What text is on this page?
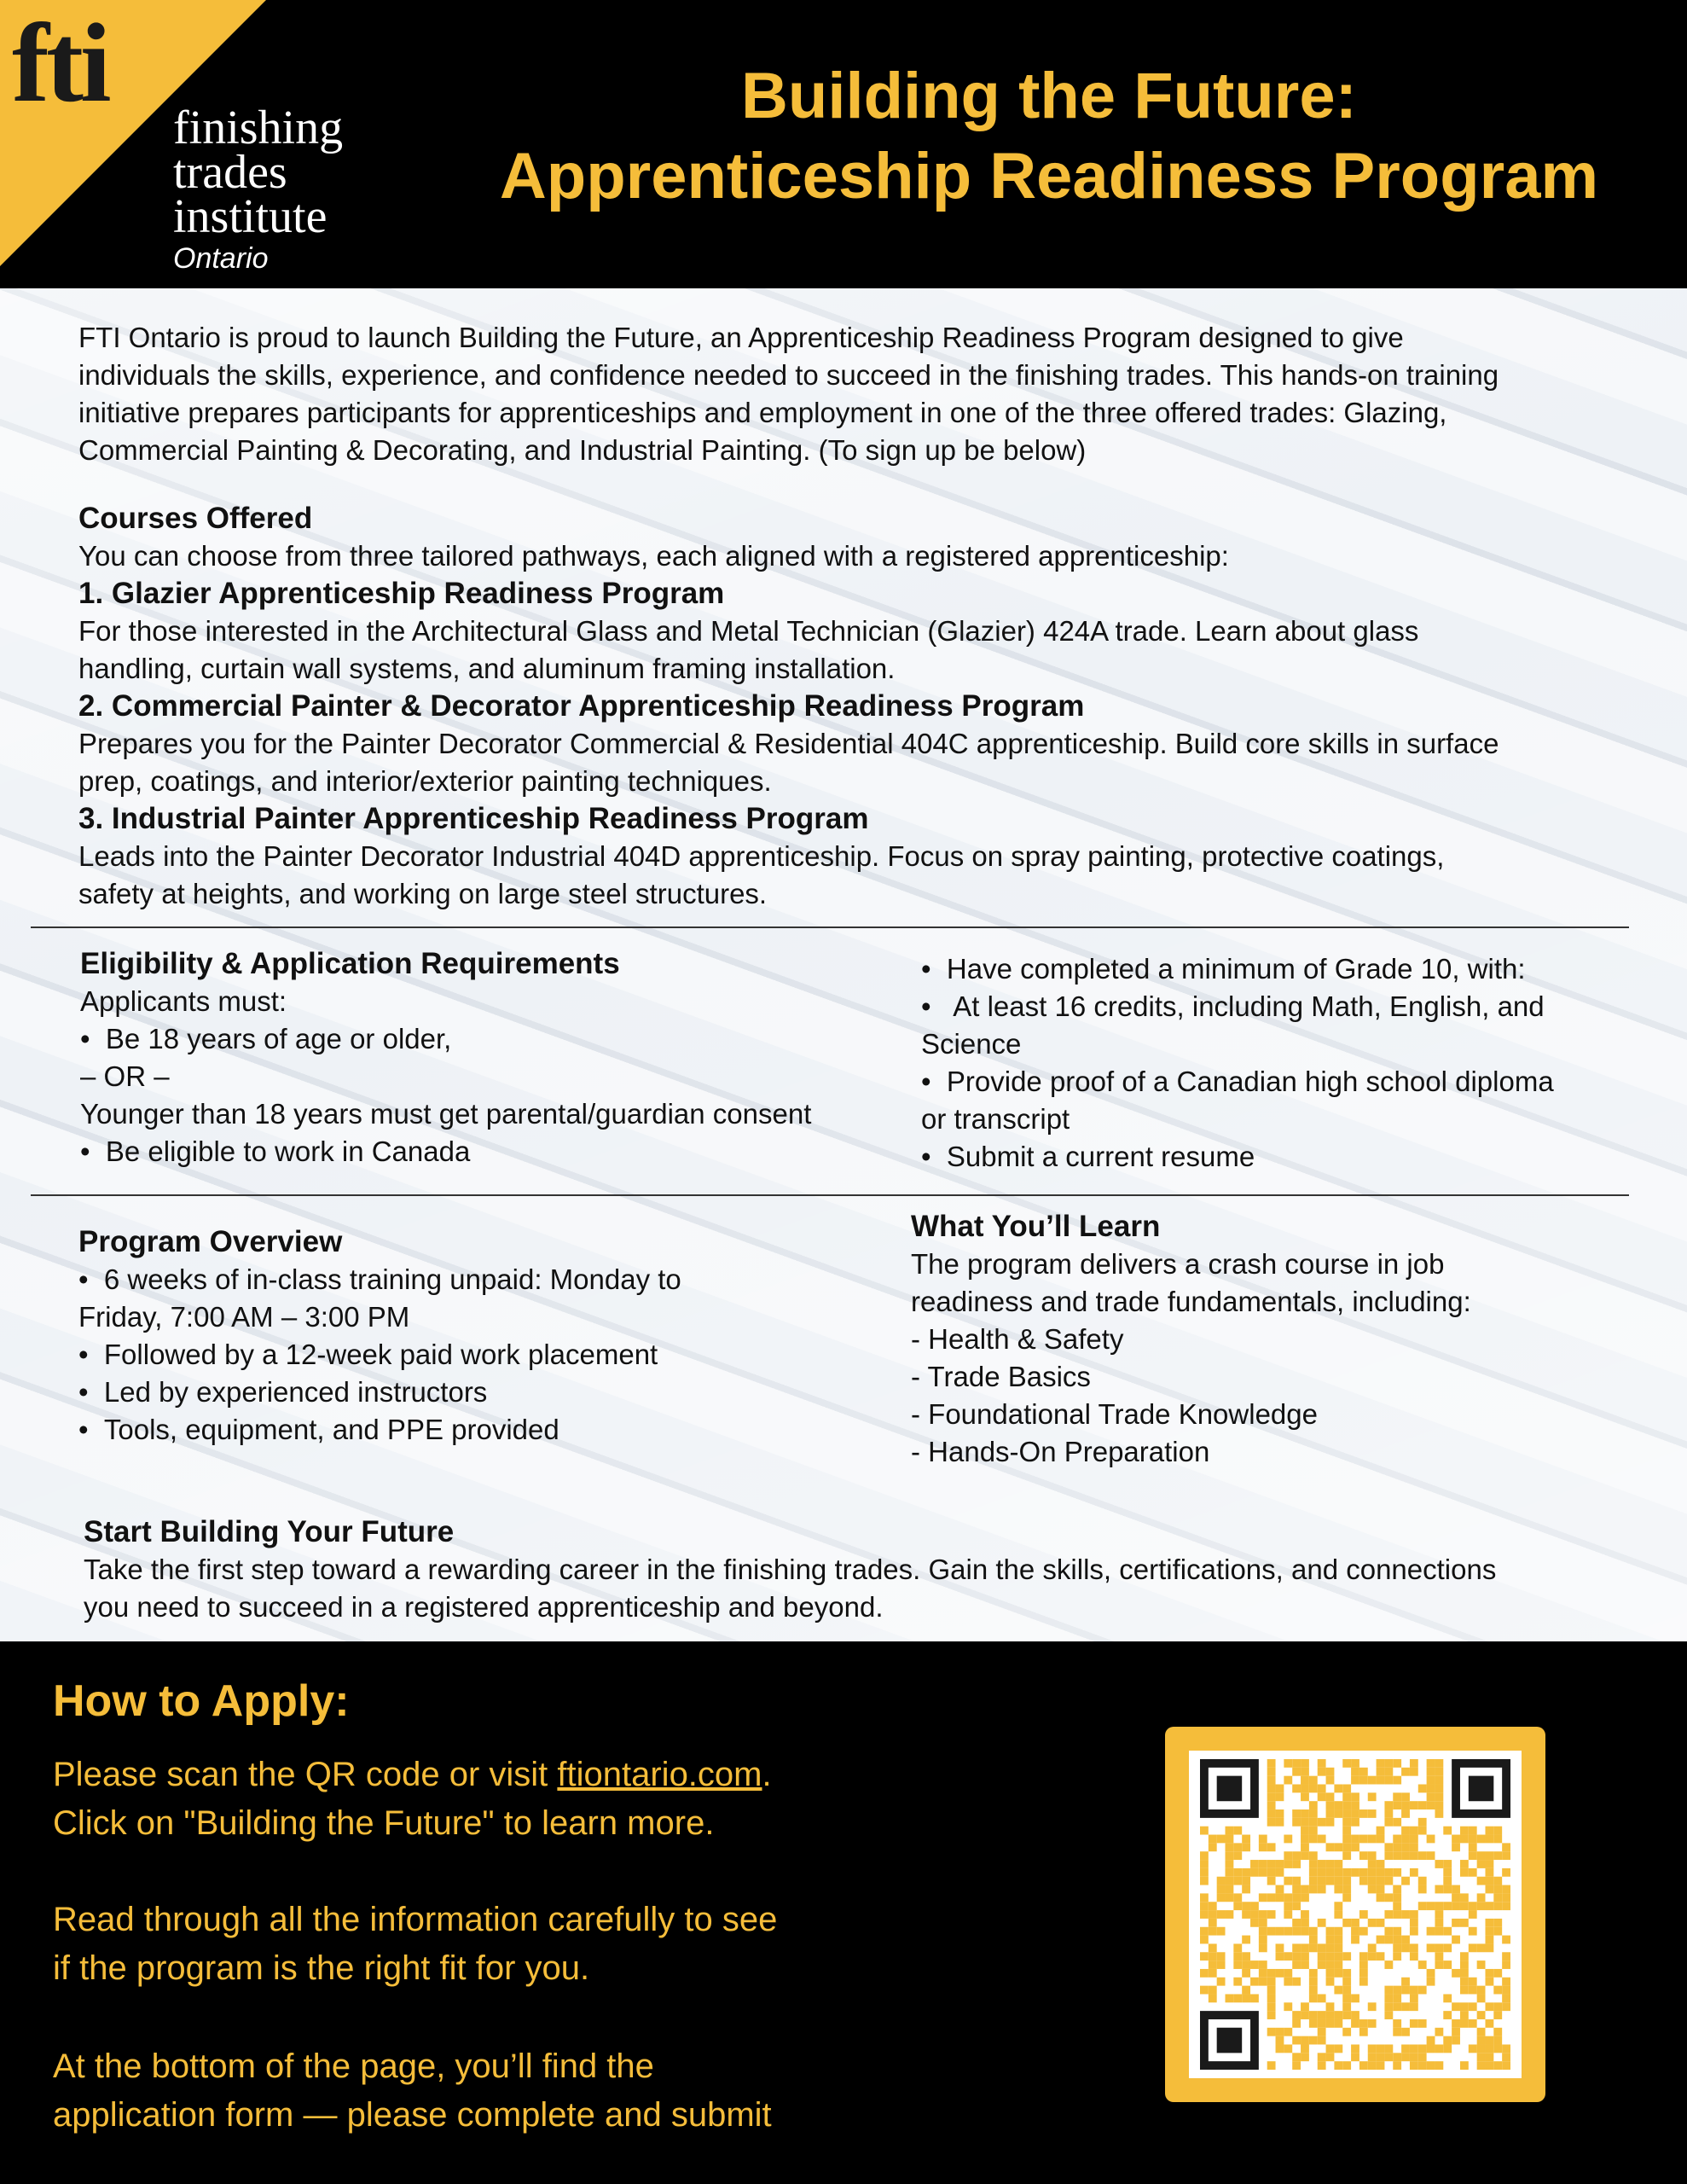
fti
finishing
trades
institute
Ontario
Building the Future:
Apprenticeship Readiness Program

FTI Ontario is proud to launch Building the Future, an Apprenticeship Readiness Program designed to give

individuals the skills, experience, and confidence needed to succeed in the finishing trades. This hands-on training

initiative prepares participants for apprenticeships and employment in one of the three offered trades: Glazing,

Commercial Painting & Decorating, and Industrial Painting. (To sign up be below)

Courses Offered

You can choose from three tailored pathways, each aligned with a registered apprenticeship:

1. Glazier Apprenticeship Readiness Program

For those interested in the Architectural Glass and Metal Technician (Glazier) 424A trade. Learn about glass

handling, curtain wall systems, and aluminum framing installation.

2. Commercial Painter & Decorator Apprenticeship Readiness Program

Prepares you for the Painter Decorator Commercial & Residential 404C apprenticeship. Build core skills in surface

prep, coatings, and interior/exterior painting techniques.

3. Industrial Painter Apprenticeship Readiness Program

Leads into the Painter Decorator Industrial 404D apprenticeship. Focus on spray painting, protective coatings,

safety at heights, and working on large steel structures.

Eligibility & Application Requirements

Applicants must:

•  Be 18 years of age or older,

– OR –

Younger than 18 years must get parental/guardian consent

•  Be eligible to work in Canada

•  Have completed a minimum of Grade 10, with:

•   At least 16 credits, including Math, English, and

Science

•  Provide proof of a Canadian high school diploma

or transcript

•  Submit a current resume

Program Overview

•  6 weeks of in-class training unpaid: Monday to

Friday, 7:00 AM – 3:00 PM

•  Followed by a 12-week paid work placement

•  Led by experienced instructors

•  Tools, equipment, and PPE provided

What You’ll Learn

The program delivers a crash course in job

readiness and trade fundamentals, including:

- Health & Safety

- Trade Basics

- Foundational Trade Knowledge

- Hands-On Preparation

Start Building Your Future

Take the first step toward a rewarding career in the finishing trades. Gain the skills, certifications, and connections

you need to succeed in a registered apprenticeship and beyond.

How to Apply:
Please scan the QR code or visit ftiontario.com.
Click on "Building the Future" to learn more.
Read through all the information carefully to see
if the program is the right fit for you.
At the bottom of the page, you’ll find the
application form — please complete and submit
